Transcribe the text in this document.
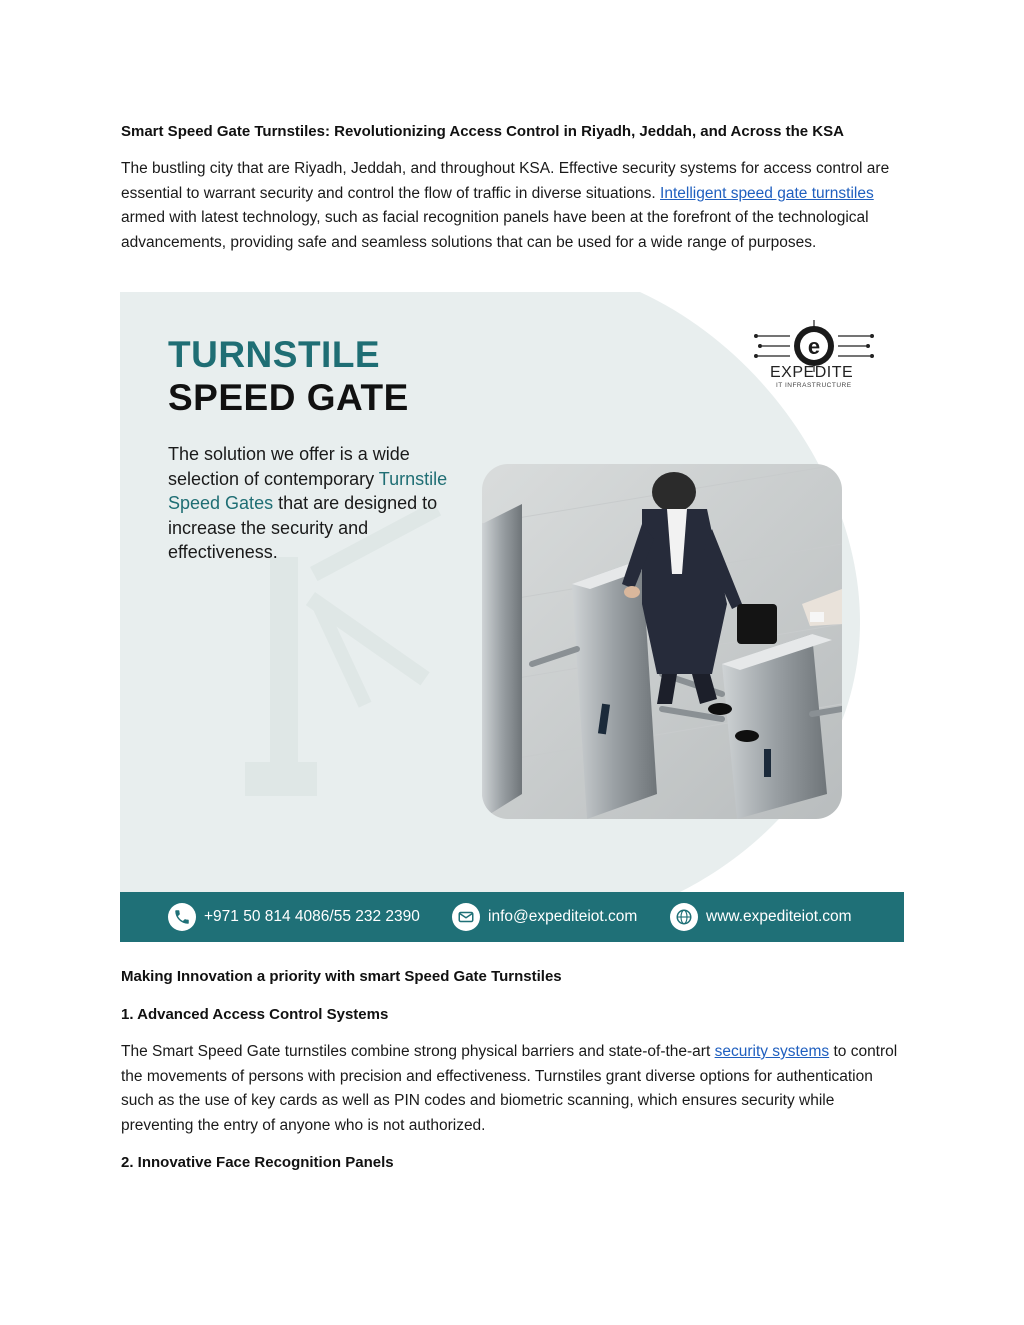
Smart Speed Gate Turnstiles: Revolutionizing Access Control in Riyadh, Jeddah, and Across the KSA
The bustling city that are Riyadh, Jeddah, and throughout KSA. Effective security systems for access control are essential to warrant security and control the flow of traffic in diverse situations. Intelligent speed gate turnstiles armed with latest technology, such as facial recognition panels have been at the forefront of the technological advancements, providing safe and seamless solutions that can be used for a wide range of purposes.
TURNSTILE
SPEED GATE
The solution we offer is a wide selection of contemporary Turnstile Speed Gates that are designed to increase the security and effectiveness.
e
EXPEDITE
IT INFRASTRUCTURE
+971 50 814 4086/55 232 2390	info@expediteiot.com	www.expediteiot.com
Making Innovation a priority with smart Speed Gate Turnstiles
1. Advanced Access Control Systems
The Smart Speed Gate turnstiles combine strong physical barriers and state-of-the-art security systems to control the movements of persons with precision and effectiveness. Turnstiles grant diverse options for authentication such as the use of key cards as well as PIN codes and biometric scanning, which ensures security while preventing the entry of anyone who is not authorized.
2. Innovative Face Recognition Panels
